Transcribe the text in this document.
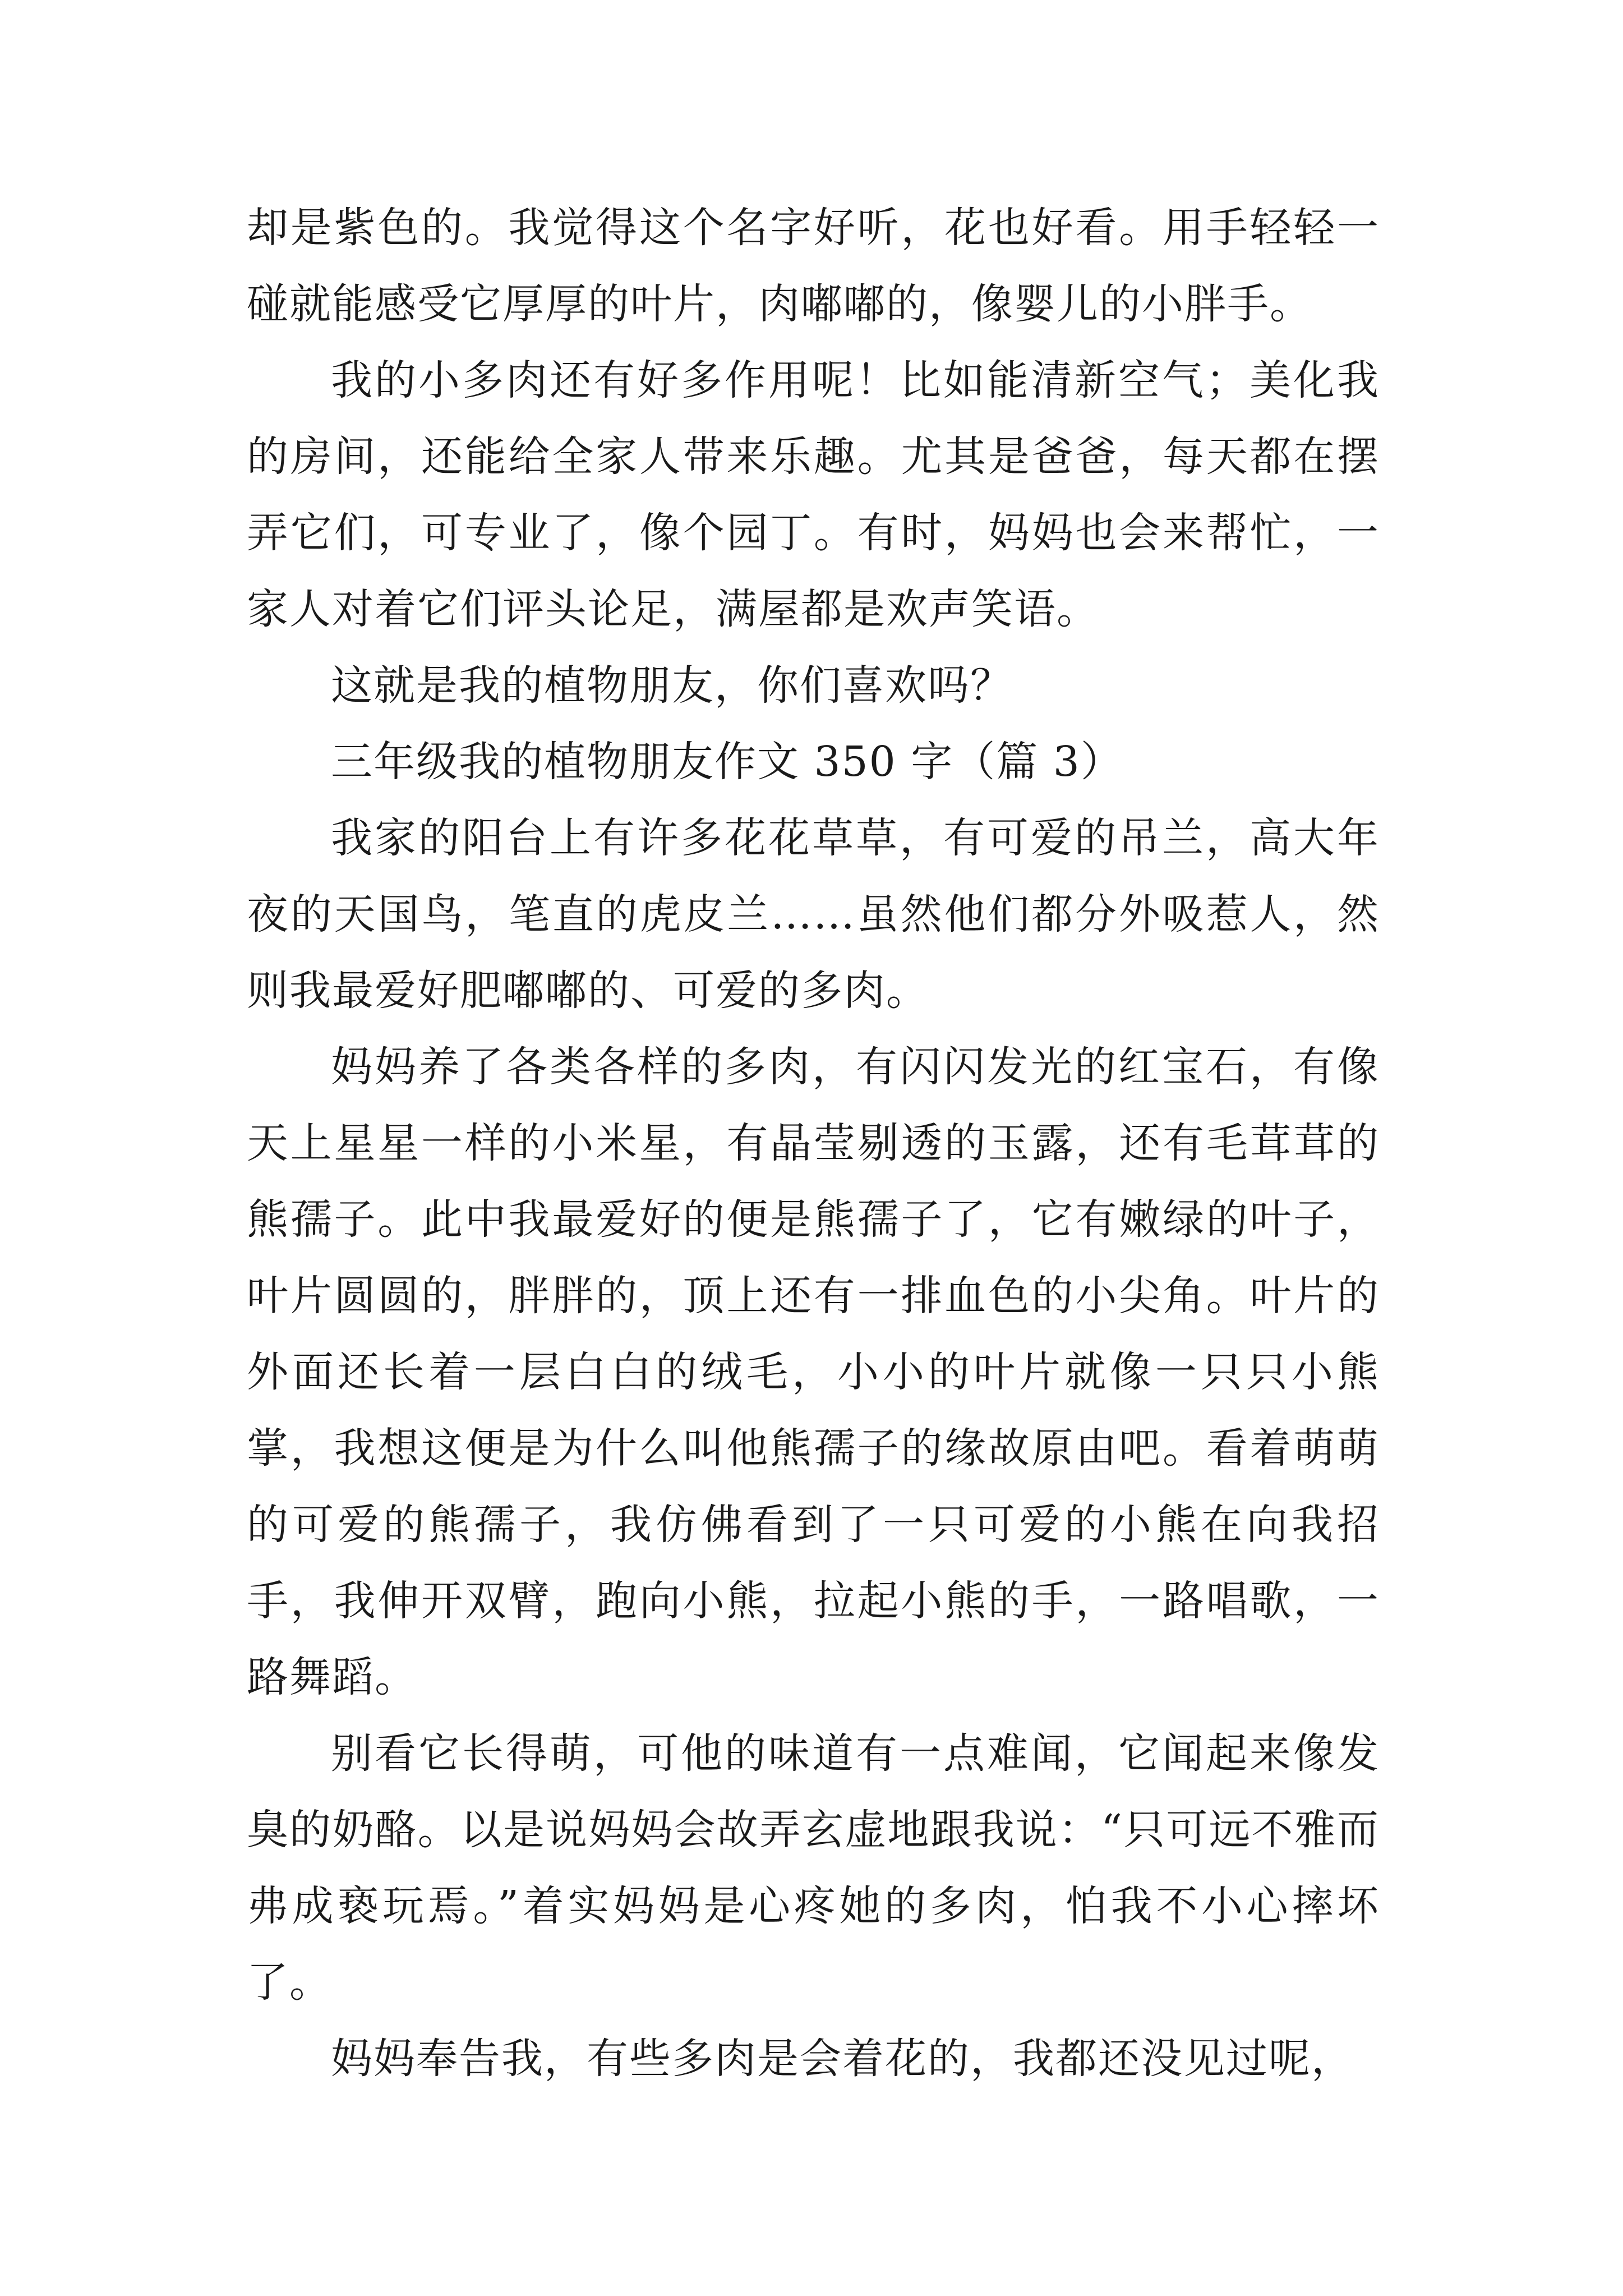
却是紫色的。我觉得这个名字好听，花也好看。用手轻轻一碰就能感受它厚厚的叶片，肉嘟嘟的，像婴儿的小胖手。

我的小多肉还有好多作用呢！比如能清新空气；美化我的房间，还能给全家人带来乐趣。尤其是爸爸，每天都在摆弄它们，可专业了，像个园丁。有时，妈妈也会来帮忙，一家人对着它们评头论足，满屋都是欢声笑语。

这就是我的植物朋友，你们喜欢吗？

三年级我的植物朋友作文 350 字（篇 3）

我家的阳台上有许多花花草草，有可爱的吊兰，高大年夜的天国鸟，笔直的虎皮兰……虽然他们都分外吸惹人，然则我最爱好肥嘟嘟的、可爱的多肉。

妈妈养了各类各样的多肉，有闪闪发光的红宝石，有像天上星星一样的小米星，有晶莹剔透的玉露，还有毛茸茸的熊孺子。此中我最爱好的便是熊孺子了，它有嫩绿的叶子，叶片圆圆的，胖胖的，顶上还有一排血色的小尖角。叶片的外面还长着一层白白的绒毛，小小的叶片就像一只只小熊掌，我想这便是为什么叫他熊孺子的缘故原由吧。看着萌萌的可爱的熊孺子，我仿佛看到了一只可爱的小熊在向我招手，我伸开双臂，跑向小熊，拉起小熊的手，一路唱歌，一路舞蹈。

别看它长得萌，可他的味道有一点难闻，它闻起来像发臭的奶酪。以是说妈妈会故弄玄虚地跟我说：“只可远不雅而弗成亵玩焉。”着实妈妈是心疼她的多肉，怕我不小心摔坏了。

妈妈奉告我，有些多肉是会着花的，我都还没见过呢，
